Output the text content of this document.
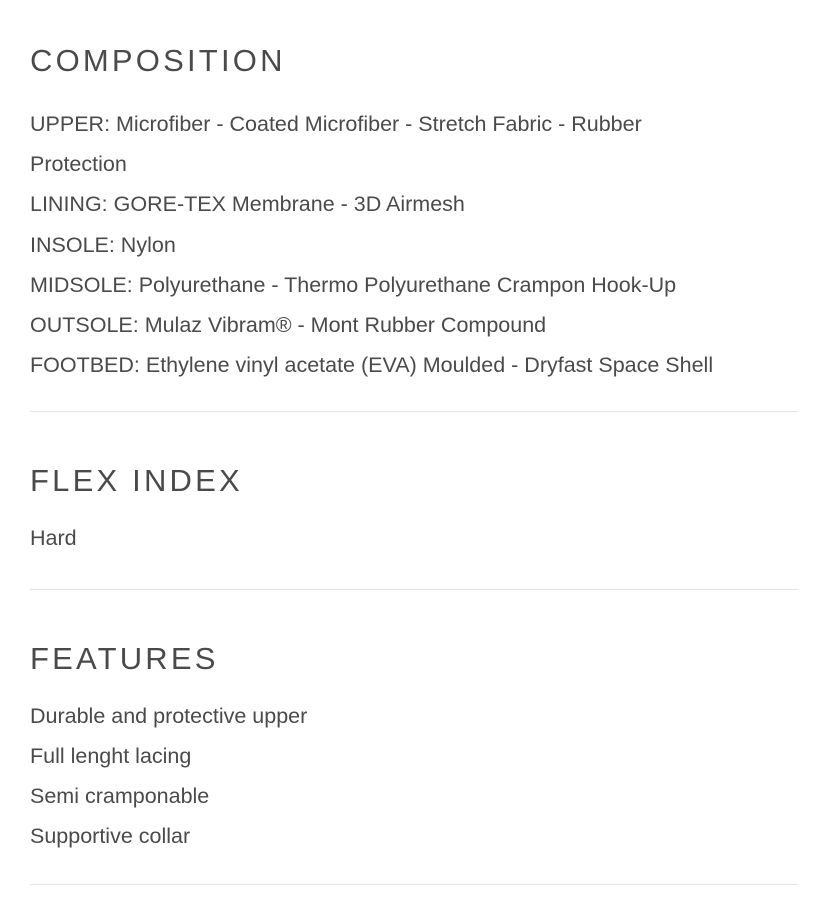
COMPOSITION
UPPER: Microfiber - Coated Microfiber - Stretch Fabric - Rubber
Protection
LINING: GORE-TEX Membrane - 3D Airmesh
INSOLE: Nylon
MIDSOLE: Polyurethane - Thermo Polyurethane Crampon Hook-Up
OUTSOLE: Mulaz Vibram® - Mont Rubber Compound
FOOTBED: Ethylene vinyl acetate (EVA) Moulded - Dryfast Space Shell
FLEX INDEX
Hard
FEATURES
Durable and protective upper
Full lenght lacing
Semi cramponable
Supportive collar
